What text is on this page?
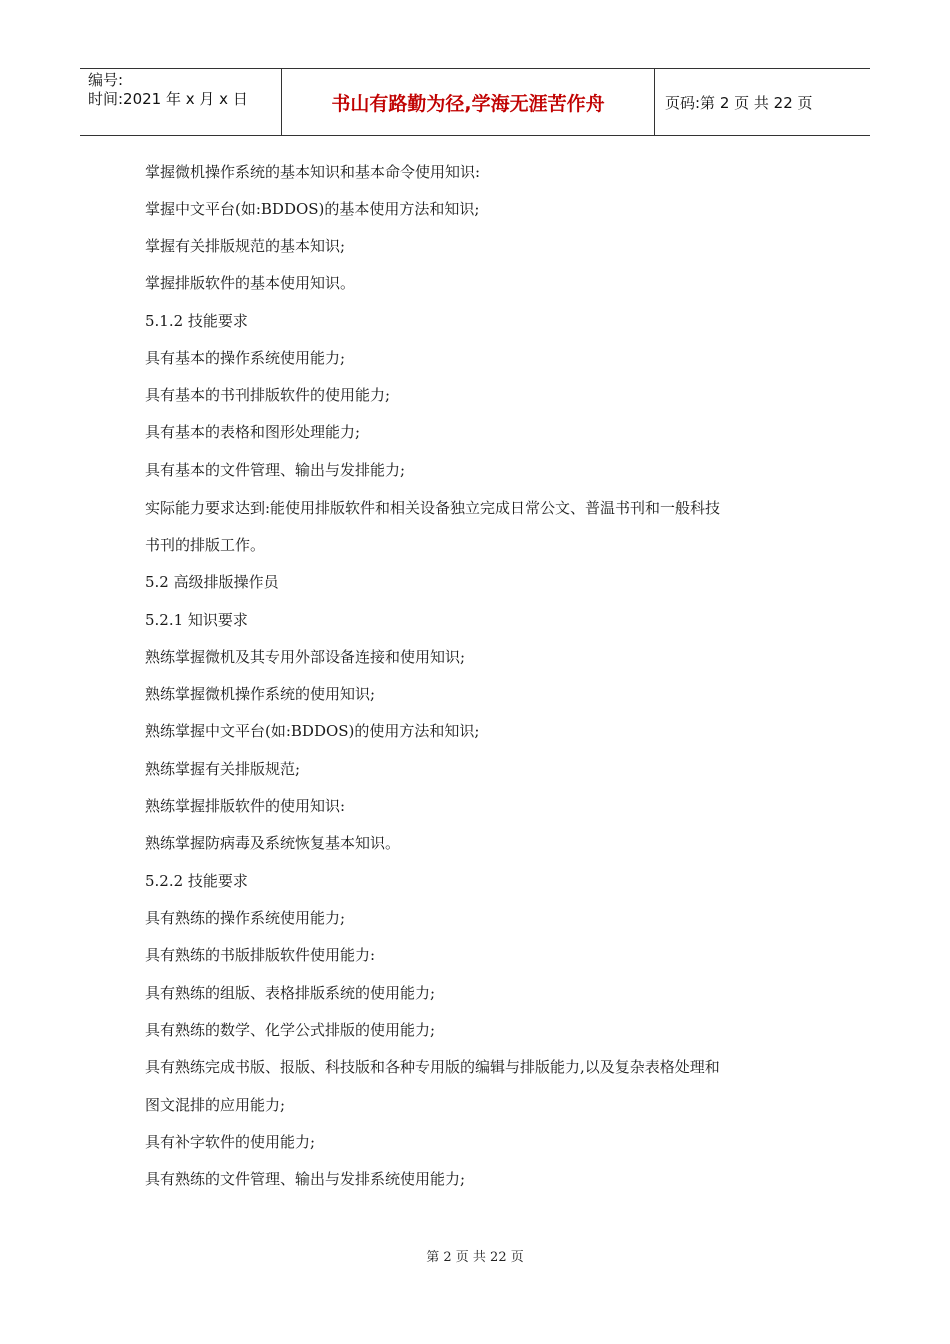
编号:
时间:2021 年 x 月 x 日	书山有路勤为径,学海无涯苦作舟	页码:第 2 页 共 22 页
掌握微机操作系统的基本知识和基本命令使用知识:
掌握中文平台(如:BDDOS)的基本使用方法和知识;
掌握有关排版规范的基本知识;
掌握排版软件的基本使用知识。
5.1.2 技能要求
具有基本的操作系统使用能力;
具有基本的书刊排版软件的使用能力;
具有基本的表格和图形处理能力;
具有基本的文件管理、输出与发排能力;
实际能力要求达到:能使用排版软件和相关设备独立完成日常公文、普温书刊和一般科技
书刊的排版工作。
5.2 高级排版操作员
5.2.1 知识要求
熟练掌握微机及其专用外部设备连接和使用知识;
熟练掌握微机操作系统的使用知识;
熟练掌握中文平台(如:BDDOS)的使用方法和知识;
熟练掌握有关排版规范;
熟练掌握排版软件的使用知识:
熟练掌握防病毒及系统恢复基本知识。
5.2.2 技能要求
具有熟练的操作系统使用能力;
具有熟练的书版排版软件使用能力:
具有熟练的组版、表格排版系统的使用能力;
具有熟练的数学、化学公式排版的使用能力;
具有熟练完成书版、报版、科技版和各种专用版的编辑与排版能力,以及复杂表格处理和
图文混排的应用能力;
具有补字软件的使用能力;
具有熟练的文件管理、输出与发排系统使用能力;
第 2 页 共 22 页
